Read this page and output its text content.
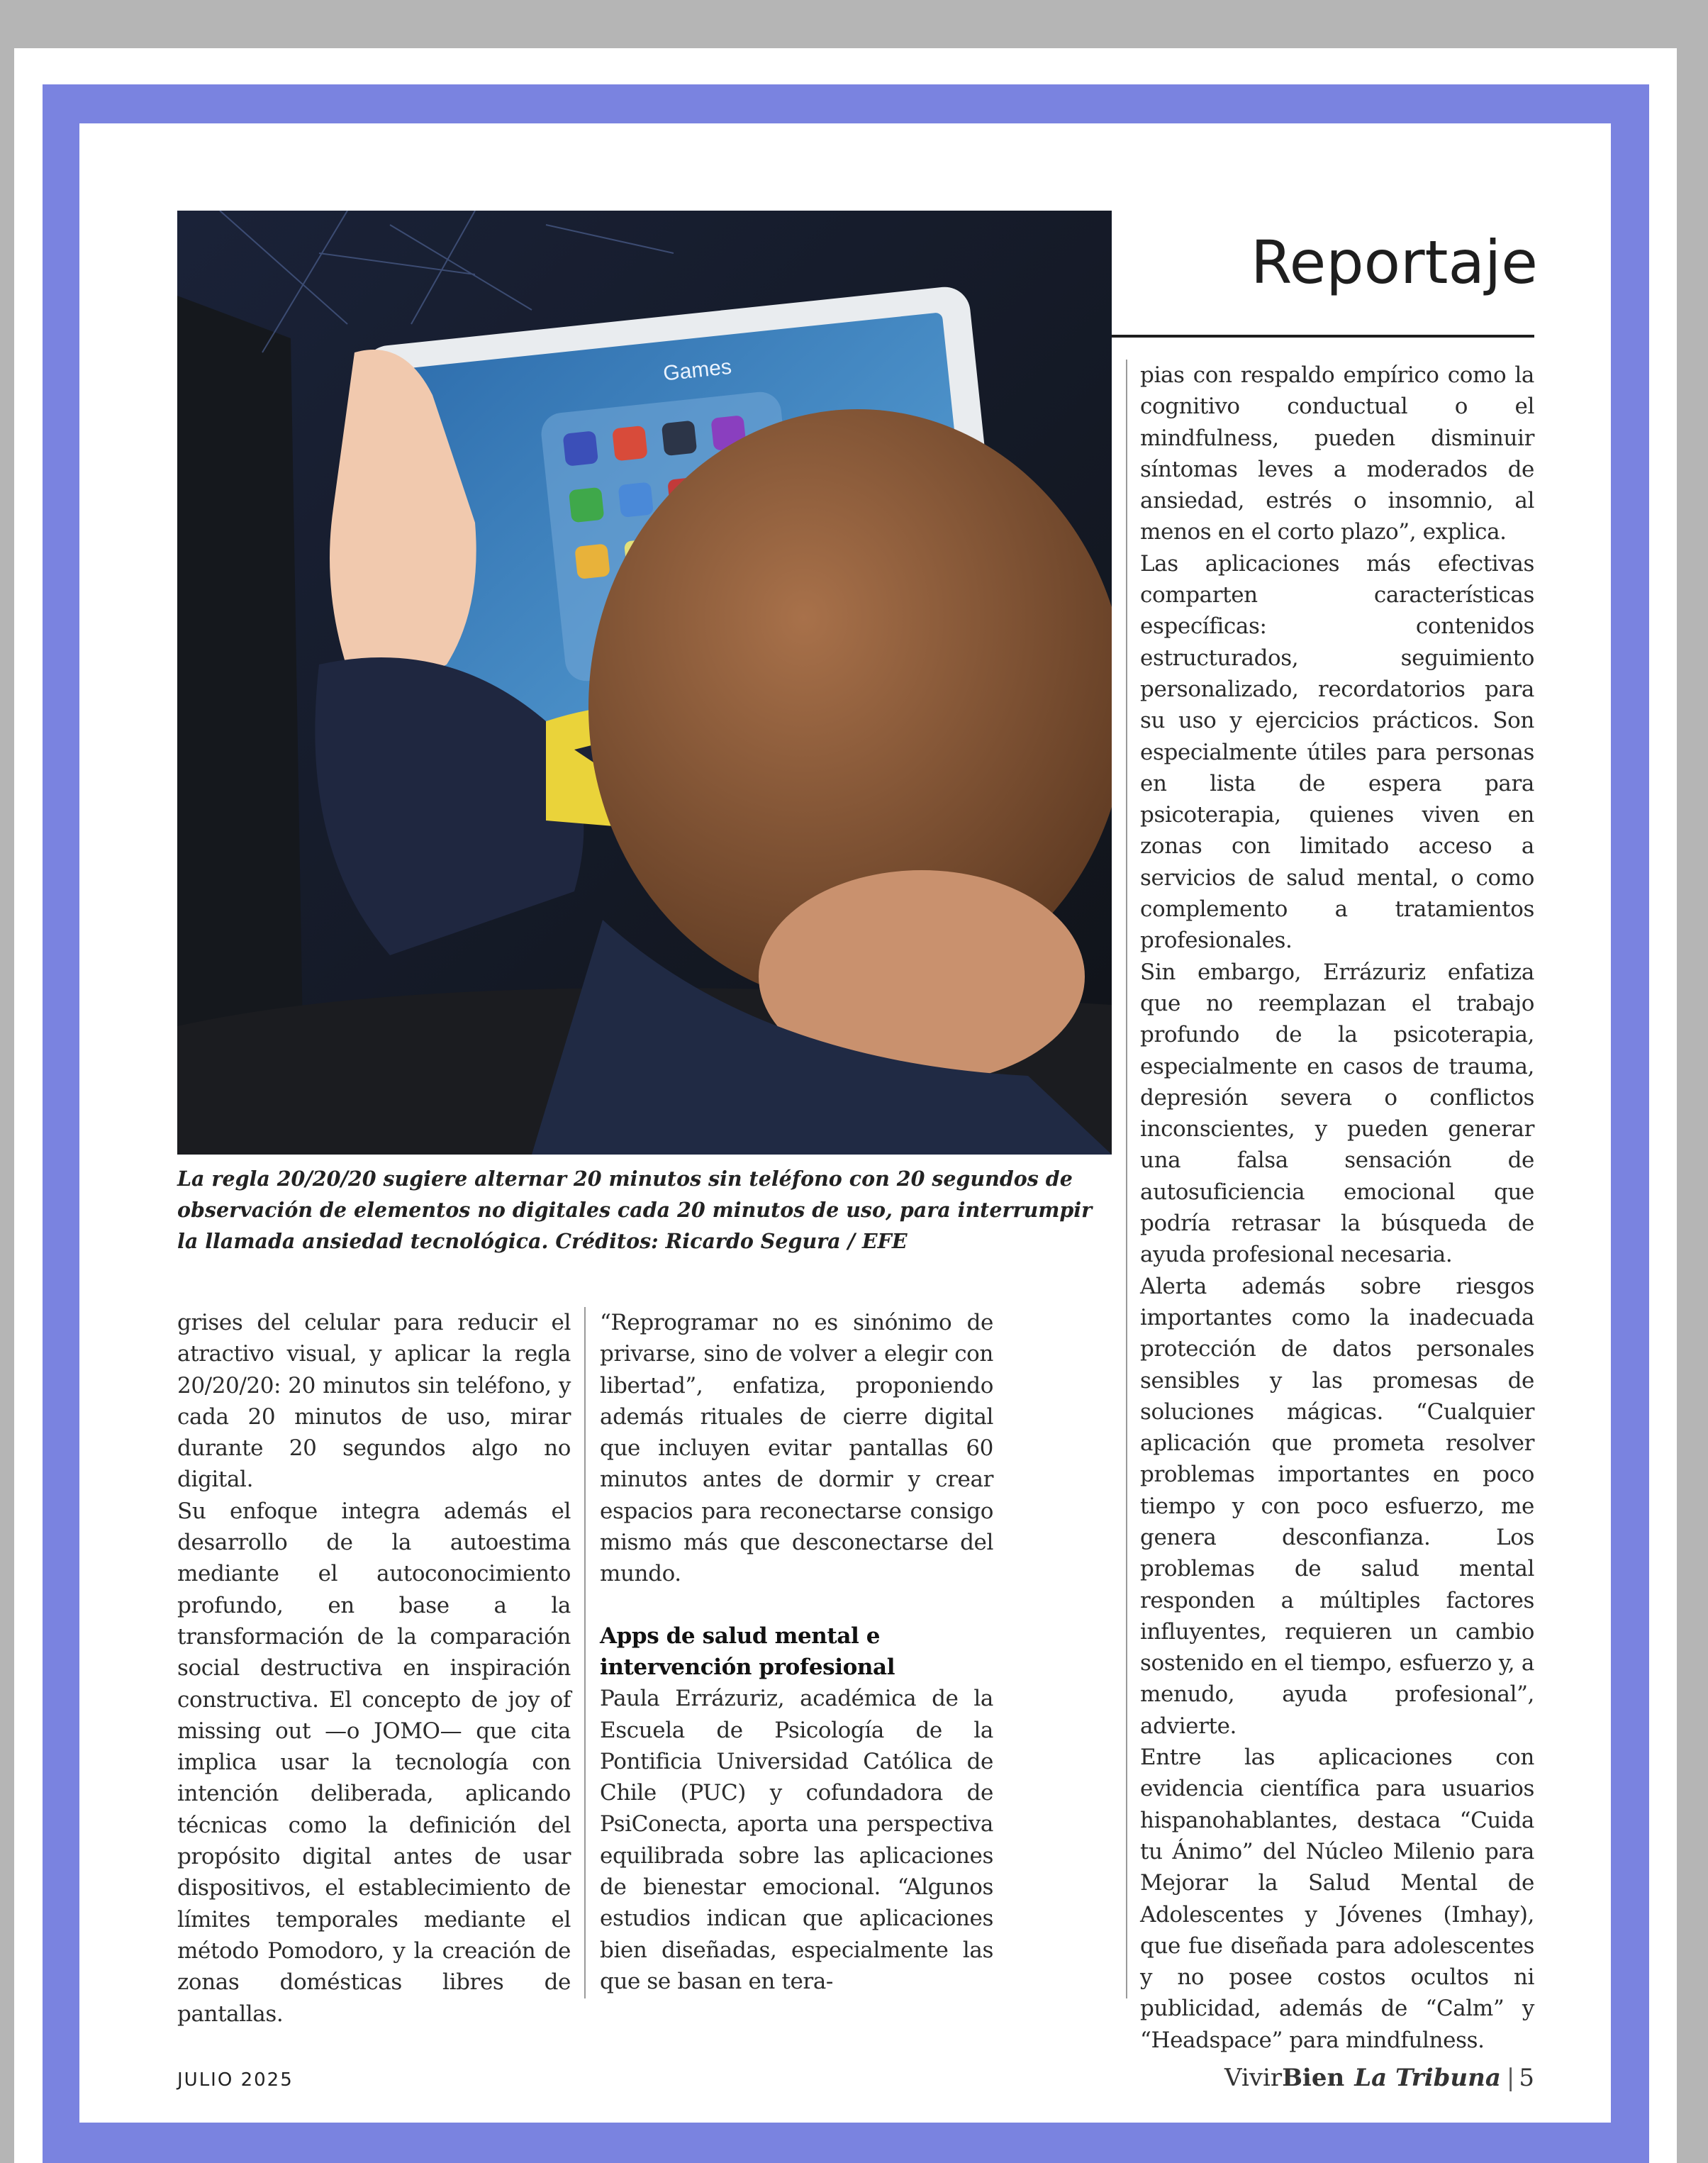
Games
La regla 20/20/20 sugiere alternar 20 minutos sin teléfono con 20 segundos de observación de elementos no digitales cada 20 minutos de uso, para interrumpir la llamada ansiedad tecnológica. Créditos: Ricardo Segura / EFE
Reportaje

grises del celular para reducir el atractivo visual, y aplicar la regla 20/20/20: 20 minutos sin teléfono, y cada 20 minutos de uso, mirar durante 20 segundos algo no digital.

Su enfoque integra además el desarrollo de la autoestima mediante el autoconocimiento profundo, en base a la transformación de la comparación social destructiva en inspiración constructiva. El concepto de joy of missing out —o JOMO— que cita implica usar la tecnología con intención deliberada, aplicando técnicas como la definición del propósito digital antes de usar dispositivos, el establecimiento de límites temporales mediante el método Pomodoro, y la creación de zonas domésticas libres de pantallas.

“Reprogramar no es sinónimo de privarse, sino de volver a elegir con libertad”, enfatiza, proponiendo además rituales de cierre digital que incluyen evitar pantallas 60 minutos antes de dormir y crear espacios para reconectarse consigo mismo más que desconectarse del mundo.

Apps de salud mental e intervención profesional

Paula Errázuriz, académica de la Escuela de Psicología de la Pontificia Universidad Católica de Chile (PUC) y cofundadora de PsiConecta, aporta una perspectiva equilibrada sobre las aplicaciones de bienestar emocional. “Algunos estudios indican que aplicaciones bien diseñadas, especialmente las que se basan en tera-

pias con respaldo empírico como la cognitivo conductual o el mindfulness, pueden disminuir síntomas leves a moderados de ansiedad, estrés o insomnio, al menos en el corto plazo”, explica.

Las aplicaciones más efectivas comparten características específicas: contenidos estructurados, seguimiento personalizado, recordatorios para su uso y ejercicios prácticos. Son especialmente útiles para personas en lista de espera para psicoterapia, quienes viven en zonas con limitado acceso a servicios de salud mental, o como complemento a tratamientos profesionales.

Sin embargo, Errázuriz enfatiza que no reemplazan el trabajo profundo de la psicoterapia, especialmente en casos de trauma, depresión severa o conflictos inconscientes, y pueden generar una falsa sensación de autosuficiencia emocional que podría retrasar la búsqueda de ayuda profesional necesaria.

Alerta además sobre riesgos importantes como la inadecuada protección de datos personales sensibles y las promesas de soluciones mágicas. “Cualquier aplicación que prometa resolver problemas importantes en poco tiempo y con poco esfuerzo, me genera desconfianza. Los problemas de salud mental responden a múltiples factores influyentes, requieren un cambio sostenido en el tiempo, esfuerzo y, a menudo, ayuda profesional”, advierte.

Entre las aplicaciones con evidencia científica para usuarios hispanohablantes, destaca “Cuida tu Ánimo” del Núcleo Milenio para Mejorar la Salud Mental de Adolescentes y Jóvenes (Imhay), que fue diseñada para adolescentes y no posee costos ocultos ni publicidad, además de “Calm” y “Headspace” para mindfulness.

JULIO 2025	VivirBien La Tribuna | 5
